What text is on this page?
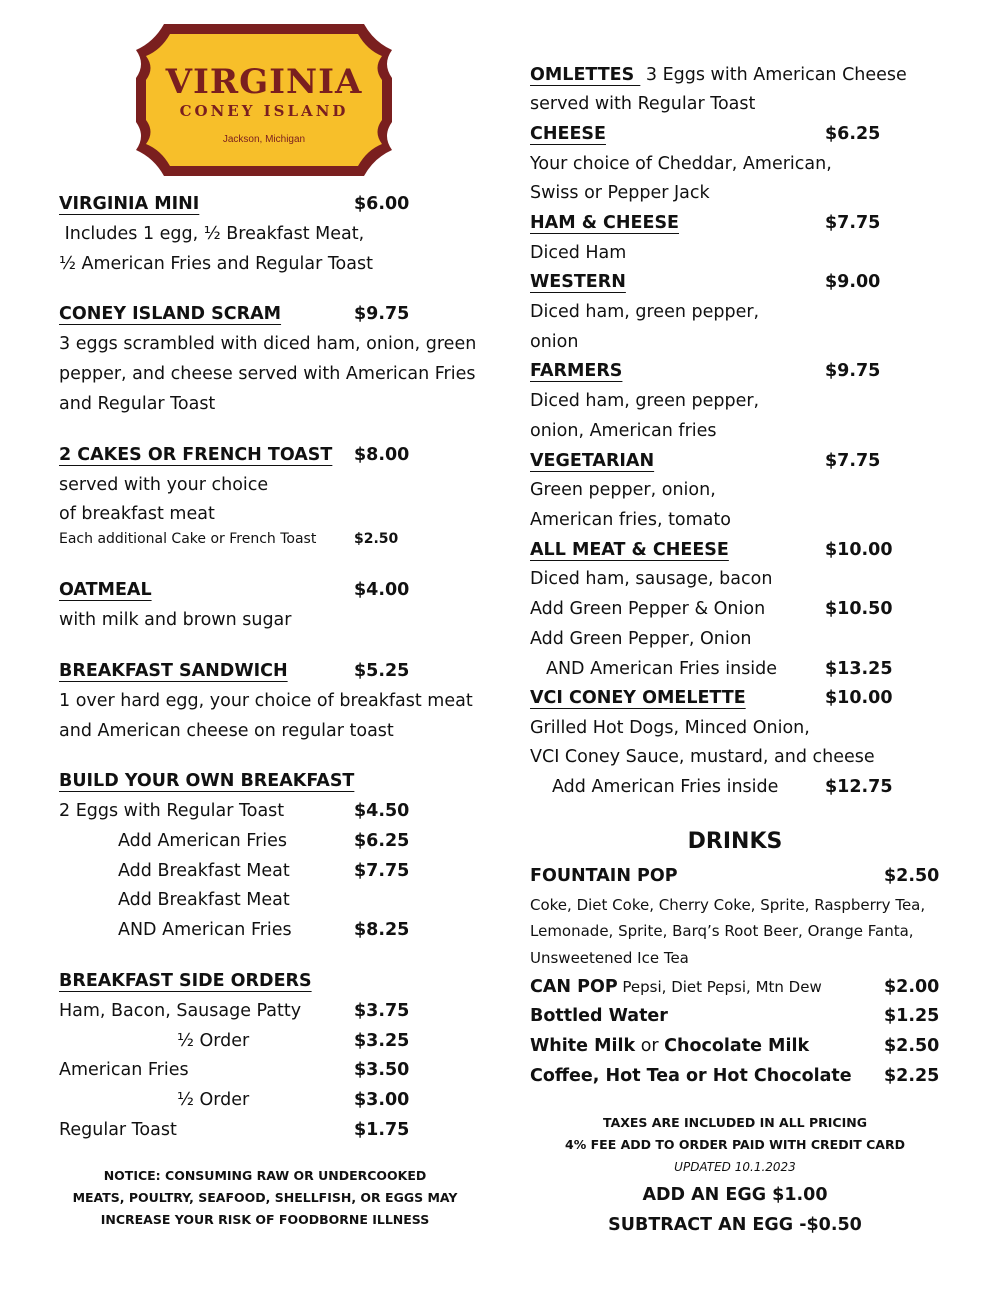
VIRGINIA
CONEY ISLAND
Jackson, Michigan
VIRGINIA MINI	$6.00
Includes 1 egg, ½ Breakfast Meat,
½ American Fries and Regular Toast
CONEY ISLAND SCRAM	$9.75
3 eggs scrambled with diced ham, onion, green
pepper, and cheese served with American Fries
and Regular Toast
2 CAKES OR FRENCH TOAST $8.00
served with your choice
of breakfast meat
Each additional Cake or French Toast	$2.50
OATMEAL	$4.00
with milk and brown sugar
BREAKFAST SANDWICH	$5.25
1 over hard egg, your choice of breakfast meat
and American cheese on regular toast
BUILD YOUR OWN BREAKFAST
2 Eggs with Regular Toast	$4.50
Add American Fries	$6.25
Add Breakfast Meat	$7.75
Add Breakfast Meat
AND American Fries	$8.25
BREAKFAST SIDE ORDERS
Ham, Bacon, Sausage Patty	$3.75
½ Order	$3.25
American Fries	$3.50
½ Order	$3.00
Regular Toast	$1.75
NOTICE: CONSUMING RAW OR UNDERCOOKED
MEATS, POULTRY, SEAFOOD, SHELLFISH, OR EGGS MAY
INCREASE YOUR RISK OF FOODBORNE ILLNESS
OMLETTES  3 Eggs with American Cheese
served with Regular Toast
CHEESE	$6.25
Your choice of Cheddar, American,
Swiss or Pepper Jack
HAM & CHEESE	$7.75
Diced Ham
WESTERN	$9.00
Diced ham, green pepper,
onion
FARMERS	$9.75
Diced ham, green pepper,
onion, American fries
VEGETARIAN	$7.75
Green pepper, onion,
American fries, tomato
ALL MEAT & CHEESE	$10.00
Diced ham, sausage, bacon
Add Green Pepper & Onion	$10.50
Add Green Pepper, Onion
AND American Fries inside	$13.25
VCI CONEY OMELETTE	$10.00
Grilled Hot Dogs, Minced Onion,
VCI Coney Sauce, mustard, and cheese
Add American Fries inside	$12.75
DRINKS
FOUNTAIN POP	$2.50
Coke, Diet Coke, Cherry Coke, Sprite, Raspberry Tea,
Lemonade, Sprite, Barq’s Root Beer, Orange Fanta,
Unsweetened Ice Tea
CAN POP Pepsi, Diet Pepsi, Mtn Dew	$2.00
Bottled Water	$1.25
White Milk or Chocolate Milk	$2.50
Coffee, Hot Tea or Hot Chocolate $2.25
TAXES ARE INCLUDED IN ALL PRICING
4% FEE ADD TO ORDER PAID WITH CREDIT CARD
UPDATED 10.1.2023
ADD AN EGG $1.00
SUBTRACT AN EGG -$0.50
